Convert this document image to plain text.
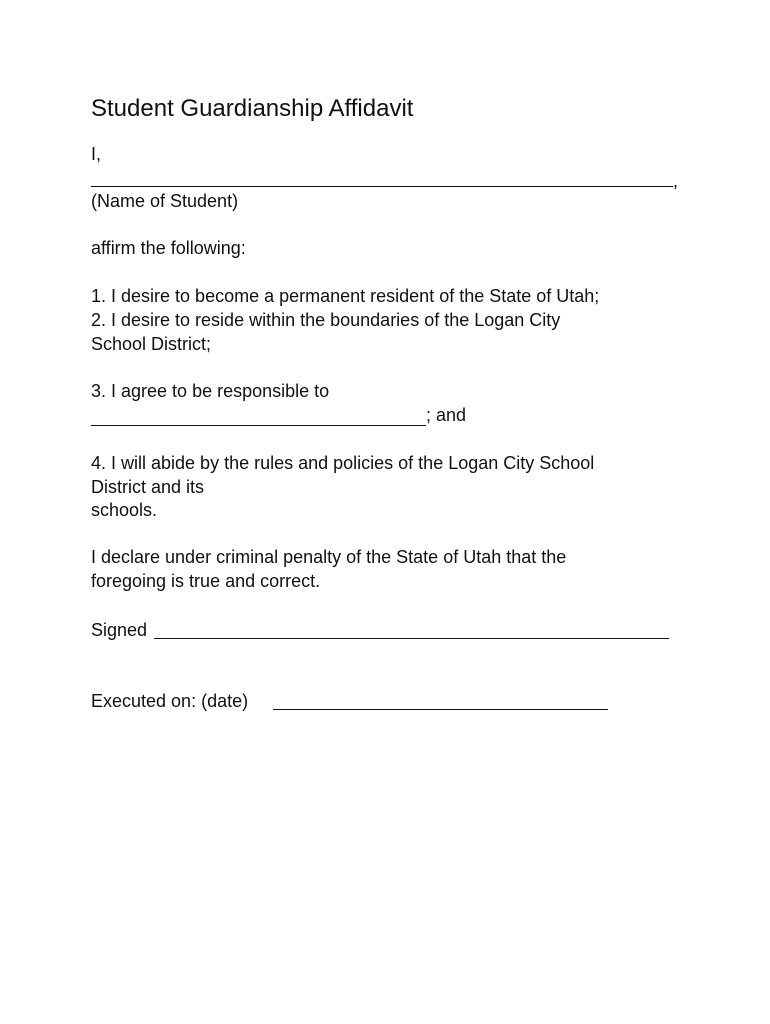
Student Guardianship Affidavit
I,
,
(Name of Student)
affirm the following:
1. I desire to become a permanent resident of the State of Utah;
2. I desire to reside within the boundaries of the Logan City
School District;
3. I agree to be responsible to
; and
4. I will abide by the rules and policies of the Logan City School
District and its
schools.
I declare under criminal penalty of the State of Utah that the
foregoing is true and correct.
Signed
Executed on: (date)
